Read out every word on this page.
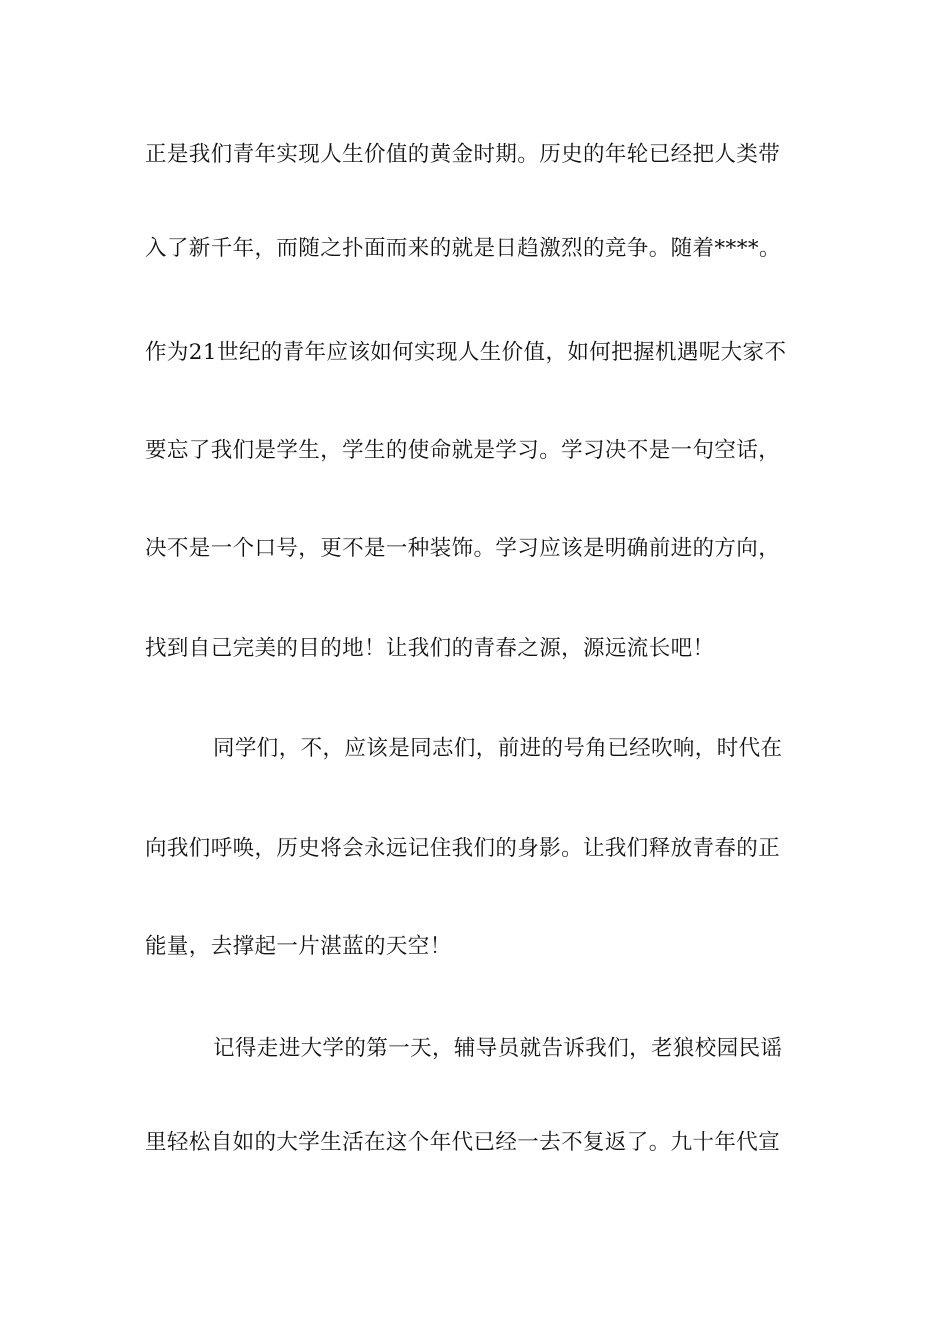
正是我们青年实现人生价值的黄金时期。历史的年轮已经把人类带
入了新千年，而随之扑面而来的就是日趋激烈的竞争。随着****。
作为21世纪的青年应该如何实现人生价值，如何把握机遇呢大家不
要忘了我们是学生，学生的使命就是学习。学习决不是一句空话，
决不是一个口号，更不是一种装饰。学习应该是明确前进的方向，
找到自己完美的目的地！让我们的青春之源，源远流长吧！
同学们，不，应该是同志们，前进的号角已经吹响，时代在
向我们呼唤，历史将会永远记住我们的身影。让我们释放青春的正
能量，去撑起一片湛蓝的天空！
记得走进大学的第一天，辅导员就告诉我们，老狼校园民谣
里轻松自如的大学生活在这个年代已经一去不复返了。九十年代宣
